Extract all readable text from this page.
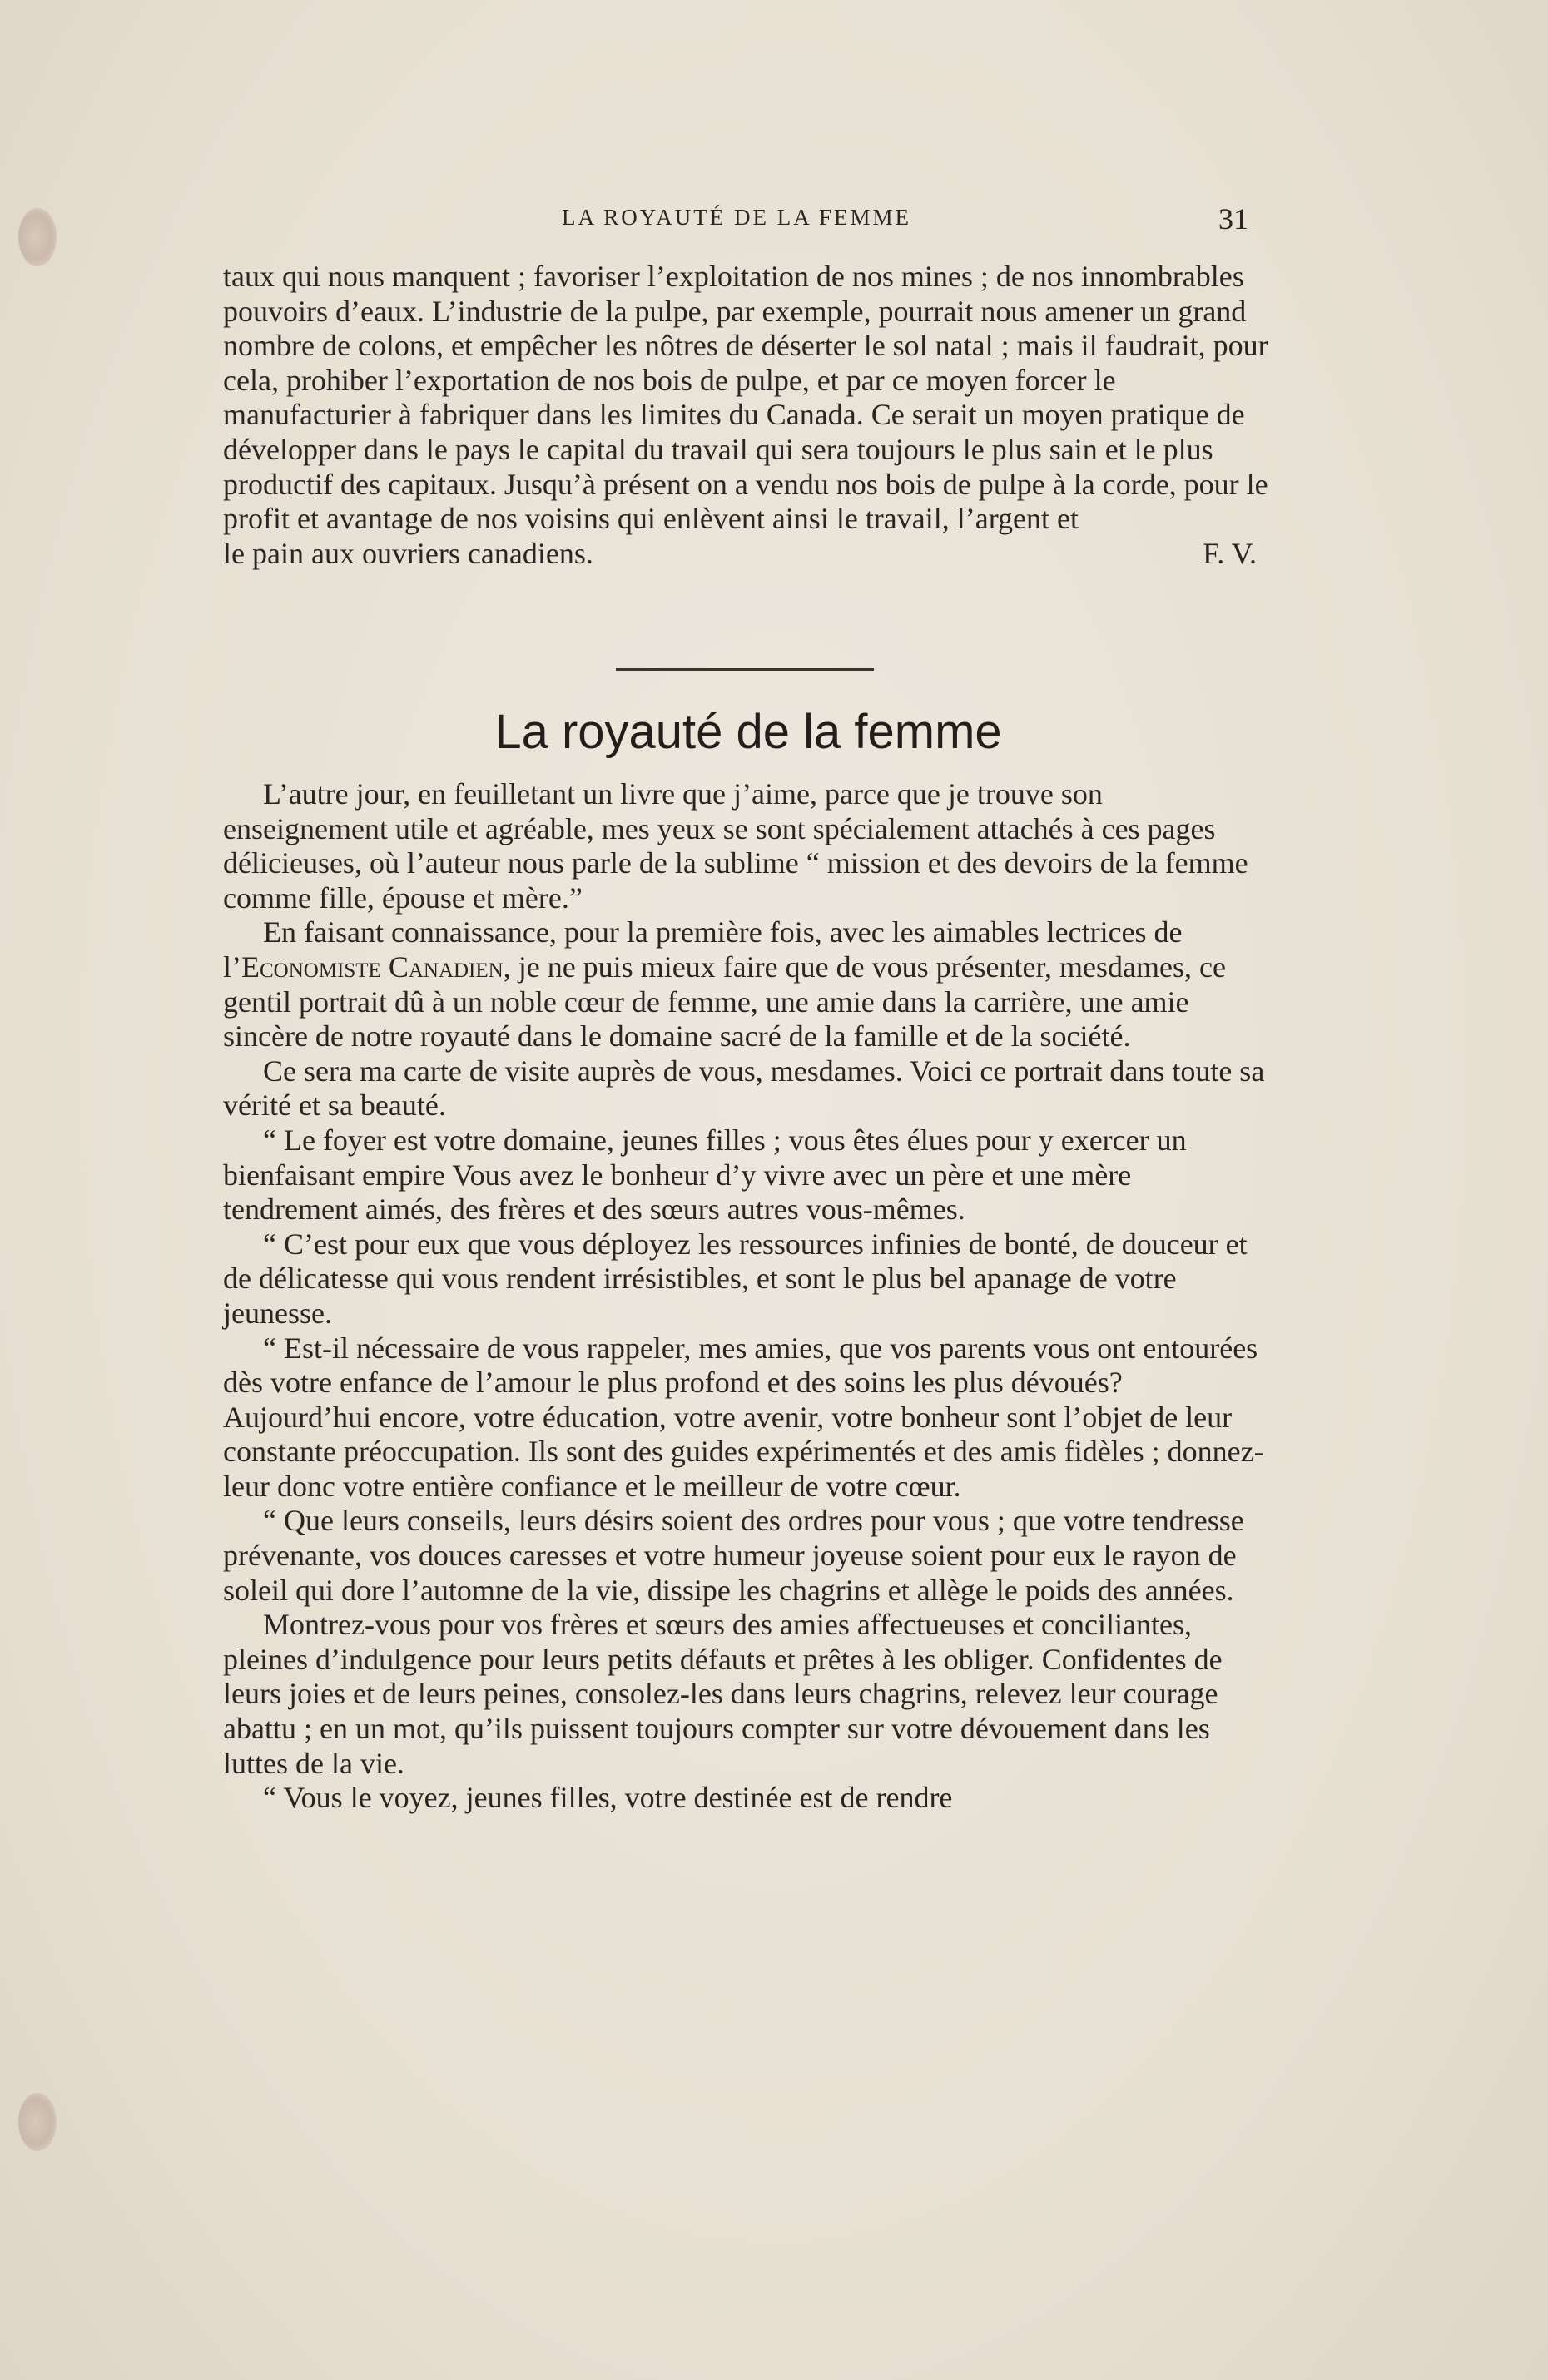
LA ROYAUTÉ DE LA FEMME	31

taux qui nous manquent ; favoriser l’exploitation de nos mines ; de nos innombrables pouvoirs d’eaux. L’industrie de la pulpe, par exemple, pourrait nous amener un grand nombre de colons, et empêcher les nôtres de déserter le sol natal ; mais il faudrait, pour cela, prohiber l’exportation de nos bois de pulpe, et par ce moyen forcer le manufacturier à fabriquer dans les limites du Canada. Ce serait un moyen pratique de développer dans le pays le capital du travail qui sera toujours le plus sain et le plus productif des capitaux. Jusqu’à présent on a vendu nos bois de pulpe à la corde, pour le profit et avantage de nos voisins qui enlèvent ainsi le travail, l’argent et

le pain aux ouvriers canadiens.	F. V.
La royauté de la femme

L’autre jour, en feuilletant un livre que j’aime, parce que je trouve son enseignement utile et agréable, mes yeux se sont spécialement attachés à ces pages délicieuses, où l’auteur nous parle de la sublime “ mission et des devoirs de la femme comme fille, épouse et mère.”

En faisant connaissance, pour la première fois, avec les aimables lectrices de l’Economiste Canadien, je ne puis mieux faire que de vous présenter, mesdames, ce gentil portrait dû à un noble cœur de femme, une amie dans la carrière, une amie sincère de notre royauté dans le domaine sacré de la famille et de la société.

Ce sera ma carte de visite auprès de vous, mesdames. Voici ce portrait dans toute sa vérité et sa beauté.

“ Le foyer est votre domaine, jeunes filles ; vous êtes élues pour y exercer un bienfaisant empire Vous avez le bonheur d’y vivre avec un père et une mère tendrement aimés, des frères et des sœurs autres vous-mêmes.

“ C’est pour eux que vous déployez les ressources infinies de bonté, de douceur et de délicatesse qui vous rendent irrésistibles, et sont le plus bel apanage de votre jeunesse.

“ Est-il nécessaire de vous rappeler, mes amies, que vos parents vous ont entourées dès votre enfance de l’amour le plus profond et des soins les plus dévoués? Aujourd’hui encore, votre éducation, votre avenir, votre bonheur sont l’objet de leur constante préoccupation. Ils sont des guides expérimentés et des amis fidèles ; donnez-leur donc votre entière confiance et le meilleur de votre cœur.

“ Que leurs conseils, leurs désirs soient des ordres pour vous ; que votre tendresse prévenante, vos douces caresses et votre humeur joyeuse soient pour eux le rayon de soleil qui dore l’automne de la vie, dissipe les chagrins et allège le poids des années.

Montrez-vous pour vos frères et sœurs des amies affectueuses et conciliantes, pleines d’indulgence pour leurs petits défauts et prêtes à les obliger. Confidentes de leurs joies et de leurs peines, consolez-les dans leurs chagrins, relevez leur courage abattu ; en un mot, qu’ils puissent toujours compter sur votre dévouement dans les luttes de la vie.

“ Vous le voyez, jeunes filles, votre destinée est de rendre
